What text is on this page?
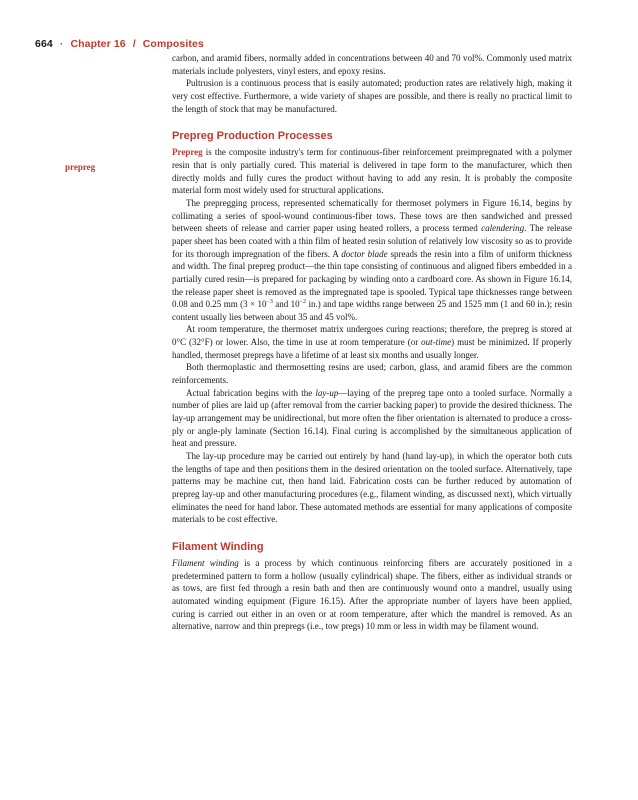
664 · Chapter 16 / Composites
prepreg

carbon, and aramid fibers, normally added in concentrations between 40 and 70 vol%. Commonly used matrix materials include polyesters, vinyl esters, and epoxy resins.

Pultrusion is a continuous process that is easily automated; production rates are relatively high, making it very cost effective. Furthermore, a wide variety of shapes are possible, and there is really no practical limit to the length of stock that may be manufactured.

Prepreg Production Processes

Prepreg is the composite industry's term for continuous-fiber reinforcement preimpregnated with a polymer resin that is only partially cured. This material is delivered in tape form to the manufacturer, which then directly molds and fully cures the product without having to add any resin. It is probably the composite material form most widely used for structural applications.

The prepregging process, represented schematically for thermoset polymers in Figure 16.14, begins by collimating a series of spool-wound continuous-fiber tows. These tows are then sandwiched and pressed between sheets of release and carrier paper using heated rollers, a process termed calendering. The release paper sheet has been coated with a thin film of heated resin solution of relatively low viscosity so as to provide for its thorough impregnation of the fibers. A doctor blade spreads the resin into a film of uniform thickness and width. The final prepreg product—the thin tape consisting of continuous and aligned fibers embedded in a partially cured resin—is prepared for packaging by winding onto a cardboard core. As shown in Figure 16.14, the release paper sheet is removed as the impregnated tape is spooled. Typical tape thicknesses range between 0.08 and 0.25 mm ($3 \times 10^{-3}$ and $10^{-2}$ in.) and tape widths range between 25 and 1525 mm (1 and 60 in.); resin content usually lies between about 35 and 45 vol%.

At room temperature, the thermoset matrix undergoes curing reactions; therefore, the prepreg is stored at 0°C (32°F) or lower. Also, the time in use at room temperature (or out-time) must be minimized. If properly handled, thermoset prepregs have a lifetime of at least six months and usually longer.

Both thermoplastic and thermosetting resins are used; carbon, glass, and aramid fibers are the common reinforcements.

Actual fabrication begins with the lay-up—laying of the prepreg tape onto a tooled surface. Normally a number of plies are laid up (after removal from the carrier backing paper) to provide the desired thickness. The lay-up arrangement may be unidirectional, but more often the fiber orientation is alternated to produce a cross-ply or angle-ply laminate (Section 16.14). Final curing is accomplished by the simultaneous application of heat and pressure.

The lay-up procedure may be carried out entirely by hand (hand lay-up), in which the operator both cuts the lengths of tape and then positions them in the desired orientation on the tooled surface. Alternatively, tape patterns may be machine cut, then hand laid. Fabrication costs can be further reduced by automation of prepreg lay-up and other manufacturing procedures (e.g., filament winding, as discussed next), which virtually eliminates the need for hand labor. These automated methods are essential for many applications of composite materials to be cost effective.

Filament Winding

Filament winding is a process by which continuous reinforcing fibers are accurately positioned in a predetermined pattern to form a hollow (usually cylindrical) shape. The fibers, either as individual strands or as tows, are first fed through a resin bath and then are continuously wound onto a mandrel, usually using automated winding equipment (Figure 16.15). After the appropriate number of layers have been applied, curing is carried out either in an oven or at room temperature, after which the mandrel is removed. As an alternative, narrow and thin prepregs (i.e., tow pregs) 10 mm or less in width may be filament wound.
